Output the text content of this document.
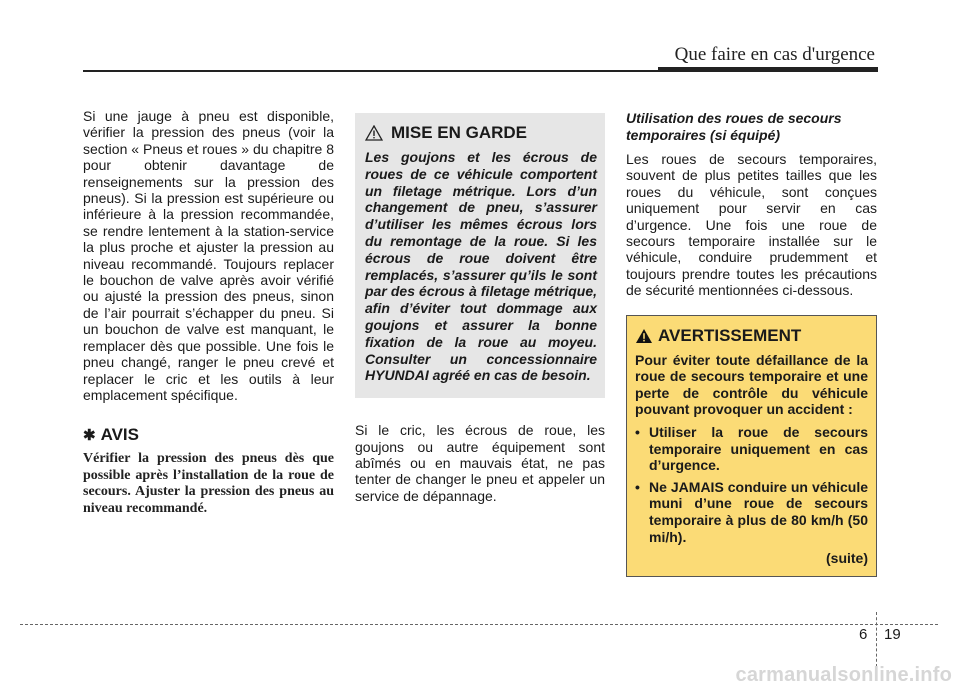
Que faire en cas d'urgence

Si une jauge à pneu est disponible, vérifier la pression des pneus (voir la section « Pneus et roues » du chapitre 8 pour obtenir davantage de renseignements sur la pression des pneus). Si la pression est supérieure ou inférieure à la pression recommandée, se rendre lentement à la station-service la plus proche et ajuster la pression au niveau recommandé. Toujours replacer le bouchon de valve après avoir vérifié ou ajusté la pression des pneus, sinon de l’air pourrait s’échapper du pneu. Si un bouchon de valve est manquant, le remplacer dès que possible. Une fois le pneu changé, ranger le pneu crevé et replacer le cric et les outils à leur emplacement spécifique.

✱ AVIS

Vérifier la pression des pneus dès que possible après l’installation de la roue de secours. Ajuster la pression des pneus au niveau recommandé.

MISE EN GARDE

Les goujons et les écrous de roues de ce véhicule comportent un filetage métrique. Lors d’un changement de pneu, s’assurer d’utiliser les mêmes écrous lors du remontage de la roue. Si les écrous de roue doivent être remplacés, s’assurer qu’ils le sont par des écrous à filetage métrique, afin d’éviter tout dommage aux goujons et assurer la bonne fixation de la roue au moyeu. Consulter un concessionnaire HYUNDAI agréé en cas de besoin.

Si le cric, les écrous de roue, les goujons ou autre équipement sont abîmés ou en mauvais état, ne pas tenter de changer le pneu et appeler un service de dépannage.

Utilisation des roues de secours temporaires (si équipé)

Les roues de secours temporaires, souvent de plus petites tailles que les roues du véhicule, sont conçues uniquement pour servir en cas d’urgence. Une fois une roue de secours temporaire installée sur le véhicule, conduire prudemment et toujours prendre toutes les précautions de sécurité mentionnées ci-dessous.

AVERTISSEMENT

Pour éviter toute défaillance de la roue de secours temporaire et une perte de contrôle du véhicule pouvant provoquer un accident :

• Utiliser la roue de secours temporaire uniquement en cas d’urgence.
• Ne JAMAIS conduire un véhicule muni d’une roue de secours temporaire à plus de 80 km/h (50 mi/h).

(suite)

6 19
carmanualsonline.info
